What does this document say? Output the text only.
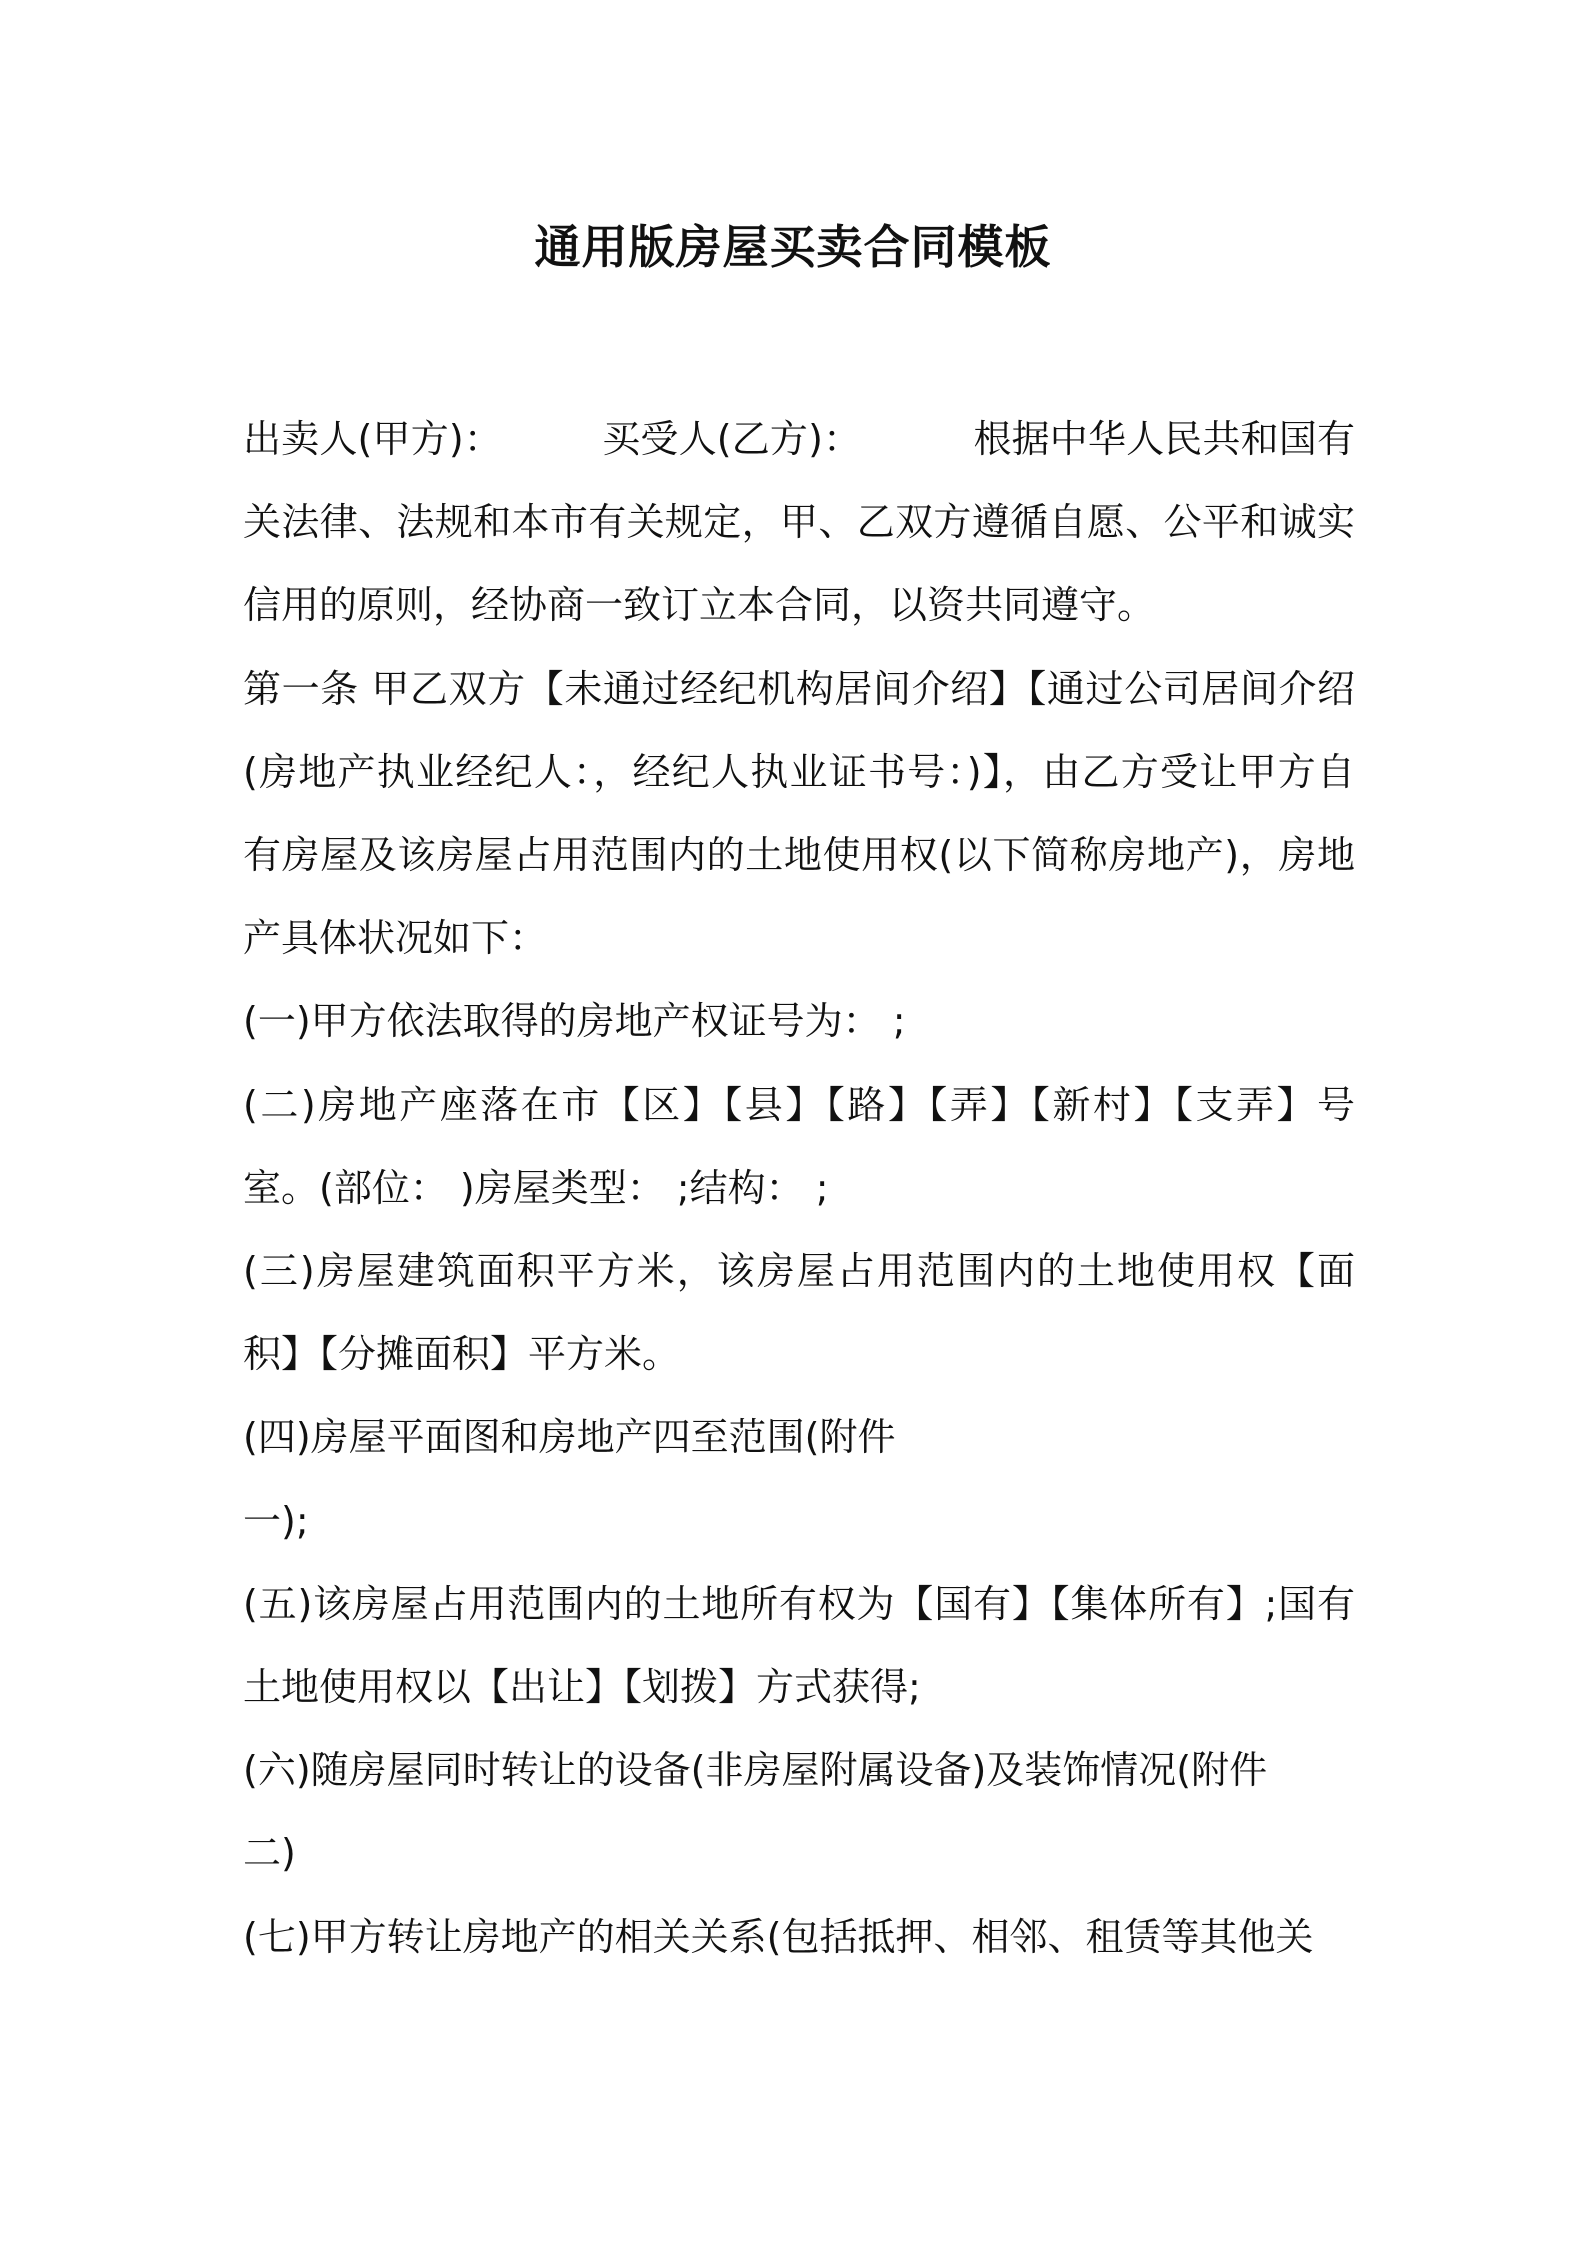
通用版房屋买卖合同模板

出卖人(甲方)：	买受人(乙方)：	根据中华人民共和国有关法律、法规和本市有关规定，甲、乙双方遵循自愿、公平和诚实信用的原则，经协商一致订立本合同，以资共同遵守。

第一条 甲乙双方【未通过经纪机构居间介绍】【通过公司居间介绍(房地产执业经纪人：，经纪人执业证书号：)】，由乙方受让甲方自有房屋及该房屋占用范围内的土地使用权(以下简称房地产)，房地产具体状况如下：

(一)甲方依法取得的房地产权证号为： ;

(二)房地产座落在市【区】【县】【路】【弄】【新村】【支弄】号室。(部位： )房屋类型： ;结构： ;

(三)房屋建筑面积平方米，该房屋占用范围内的土地使用权【面积】【分摊面积】平方米。

(四)房屋平面图和房地产四至范围(附件

一);

(五)该房屋占用范围内的土地所有权为【国有】【集体所有】;国有土地使用权以【出让】【划拨】方式获得;

(六)随房屋同时转让的设备(非房屋附属设备)及装饰情况(附件

二)

(七)甲方转让房地产的相关关系(包括抵押、相邻、租赁等其他关
